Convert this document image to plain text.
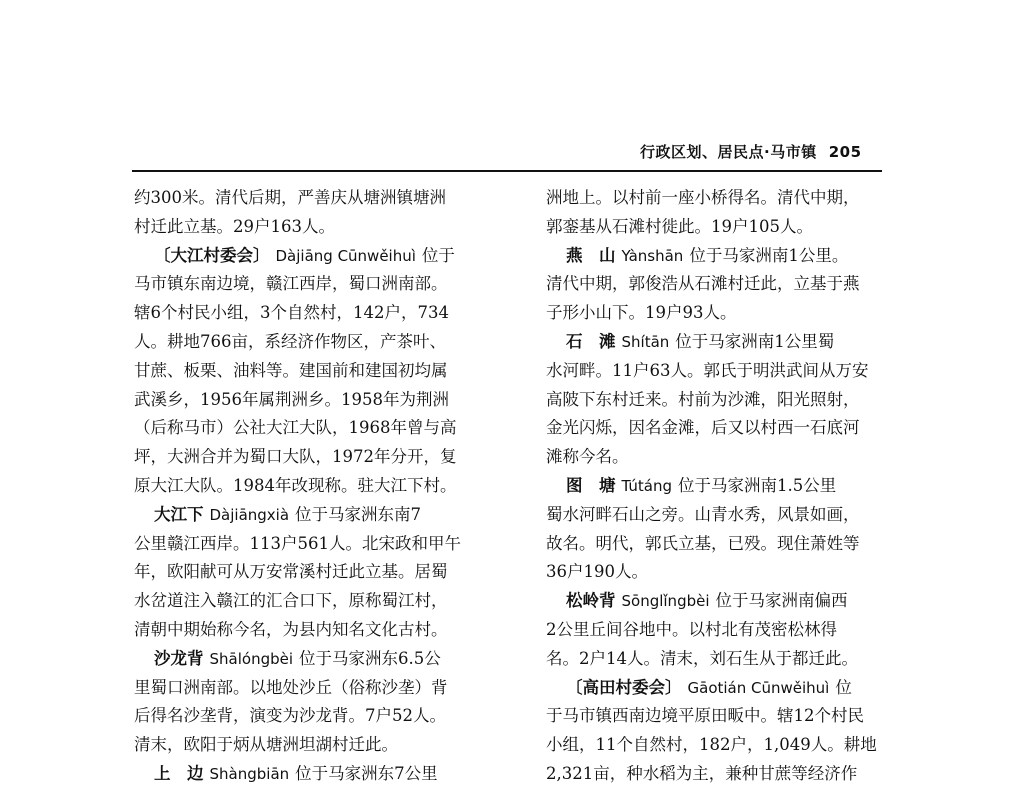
行政区划、居民点·马市镇 205
约300米。清代后期，严善庆从塘洲镇塘洲
村迁此立基。29户163人。
〔大江村委会〕 Dàjiāng Cūnwěihuì 位于
马市镇东南边境，赣江西岸，蜀口洲南部。
辖6个村民小组，3个自然村，142户，734
人。耕地766亩，系经济作物区，产茶叶、
甘蔗、板栗、油料等。建国前和建国初均属
武溪乡，1956年属荆洲乡。1958年为荆洲
（后称马市）公社大江大队，1968年曾与高
坪，大洲合并为蜀口大队，1972年分开，复
原大江大队。1984年改现称。驻大江下村。
大江下 Dàjiāngxià 位于马家洲东南7
公里赣江西岸。113户561人。北宋政和甲午
年，欧阳献可从万安常溪村迁此立基。居蜀
水岔道注入赣江的汇合口下，原称蜀江村，
清朝中期始称今名，为县内知名文化古村。
沙龙背 Shālóngbèi 位于马家洲东6.5公
里蜀口洲南部。以地处沙丘（俗称沙垄）背
后得名沙垄背，演变为沙龙背。7户52人。
清末，欧阳于炳从塘洲坦湖村迁此。
上　边 Shàngbiān 位于马家洲东7公里
洲地上。以村前一座小桥得名。清代中期，
郭銮基从石滩村徙此。19户105人。
燕　山 Yànshān 位于马家洲南1公里。
清代中期，郭俊浩从石滩村迁此，立基于燕
子形小山下。19户93人。
石　滩 Shítān 位于马家洲南1公里蜀
水河畔。11户63人。郭氏于明洪武间从万安
高陂下东村迁来。村前为沙滩，阳光照射，
金光闪烁，因名金滩，后又以村西一石底河
滩称今名。
图　塘 Tútáng 位于马家洲南1.5公里
蜀水河畔石山之旁。山青水秀，风景如画，
故名。明代，郭氏立基，已殁。现住萧姓等
36户190人。
松岭背 Sōnglǐngbèi 位于马家洲南偏西
2公里丘间谷地中。以村北有茂密松林得
名。2户14人。清末，刘石生从于都迁此。
〔高田村委会〕 Gāotián Cūnwěihuì 位
于马市镇西南边境平原田畈中。辖12个村民
小组，11个自然村，182户，1,049人。耕地
2,321亩，种水稻为主，兼种甘蔗等经济作
